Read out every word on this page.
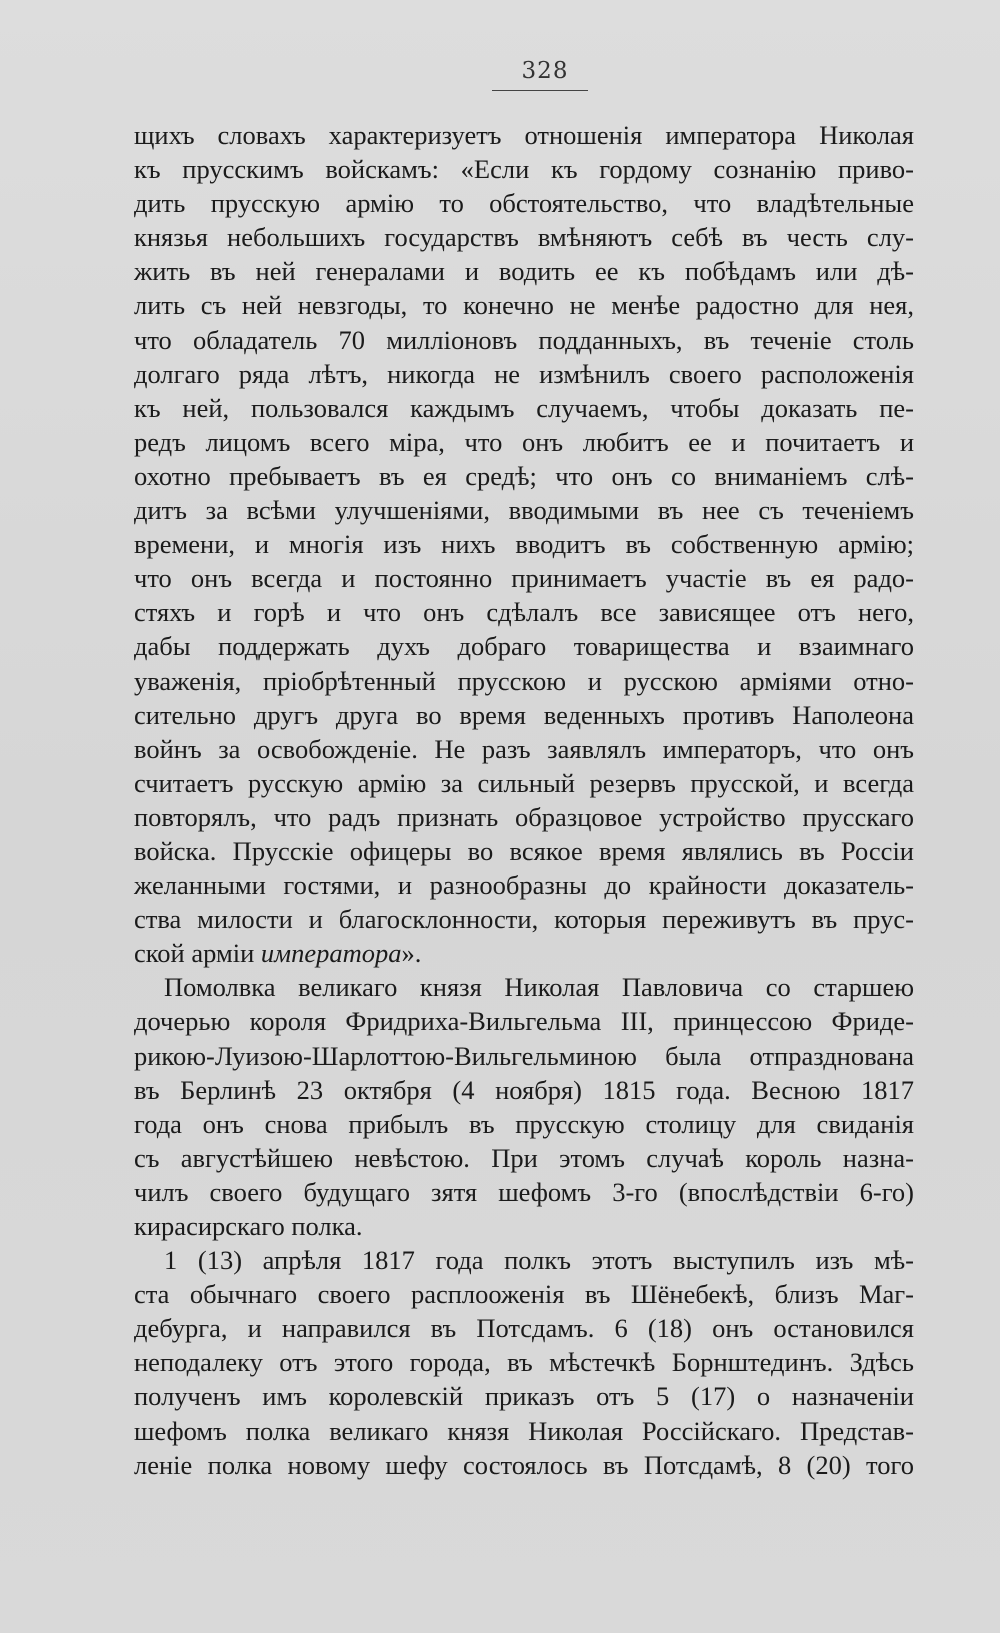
328

щихъ словахъ характеризуетъ отношенія императора Николая
къ прусскимъ войскамъ: «Если къ гордому сознанію приво-
дить прусскую армію то обстоятельство, что владѣтельные
князья небольшихъ государствъ вмѣняютъ себѣ въ честь слу-
жить въ ней генералами и водить ее къ побѣдамъ или дѣ-
лить съ ней невзгоды, то конечно не менѣе радостно для нея,
что обладатель 70 милліоновъ подданныхъ, въ теченіе столь
долгаго ряда лѣтъ, никогда не измѣнилъ своего расположенія
къ ней, пользовался каждымъ случаемъ, чтобы доказать пе-
редъ лицомъ всего міра, что онъ любитъ ее и почитаетъ и
охотно пребываетъ въ ея средѣ; что онъ со вниманіемъ слѣ-
дитъ за всѣми улучшеніями, вводимыми въ нее съ теченіемъ
времени, и многія изъ нихъ вводитъ въ собственную армію;
что онъ всегда и постоянно принимаетъ участіе въ ея радо-
стяхъ и горѣ и что онъ сдѣлалъ все зависящее отъ него,
дабы поддержать духъ добраго товарищества и взаимнаго
уваженія, пріобрѣтенный прусскою и русскою арміями отно-
сительно другъ друга во время веденныхъ противъ Наполеона
войнъ за освобожденіе. Не разъ заявлялъ императоръ, что онъ
считаетъ русскую армію за сильный резервъ прусской, и всегда
повторялъ, что радъ признать образцовое устройство прусскаго
войска. Прусскіе офицеры во всякое время являлись въ Россіи
желанными гостями, и разнообразны до крайности доказатель-
ства милости и благосклонности, которыя переживутъ въ прус-
ской арміи императора».

Помолвка великаго князя Николая Павловича со старшею
дочерью короля Фридриха-Вильгельма III, принцессою Фриде-
рикою-Луизою-Шарлоттою-Вильгельминою была отпразднована
въ Берлинѣ 23 октября (4 ноября) 1815 года. Весною 1817
года онъ снова прибылъ въ прусскую столицу для свиданія
съ августѣйшею невѣстою. При этомъ случаѣ король назна-
чилъ своего будущаго зятя шефомъ 3-го (впослѣдствіи 6-го)
кирасирскаго полка.

1 (13) апрѣля 1817 года полкъ этотъ выступилъ изъ мѣ-
ста обычнаго своего расплооженія въ Шёнебекѣ, близъ Маг-
дебурга, и направился въ Потсдамъ. 6 (18) онъ остановился
неподалеку отъ этого города, въ мѣстечкѣ Борнштединъ. Здѣсь
полученъ имъ королевскій приказъ отъ 5 (17) о назначеніи
шефомъ полка великаго князя Николая Россійскаго. Представ-
леніе полка новому шефу состоялось въ Потсдамѣ, 8 (20) того
